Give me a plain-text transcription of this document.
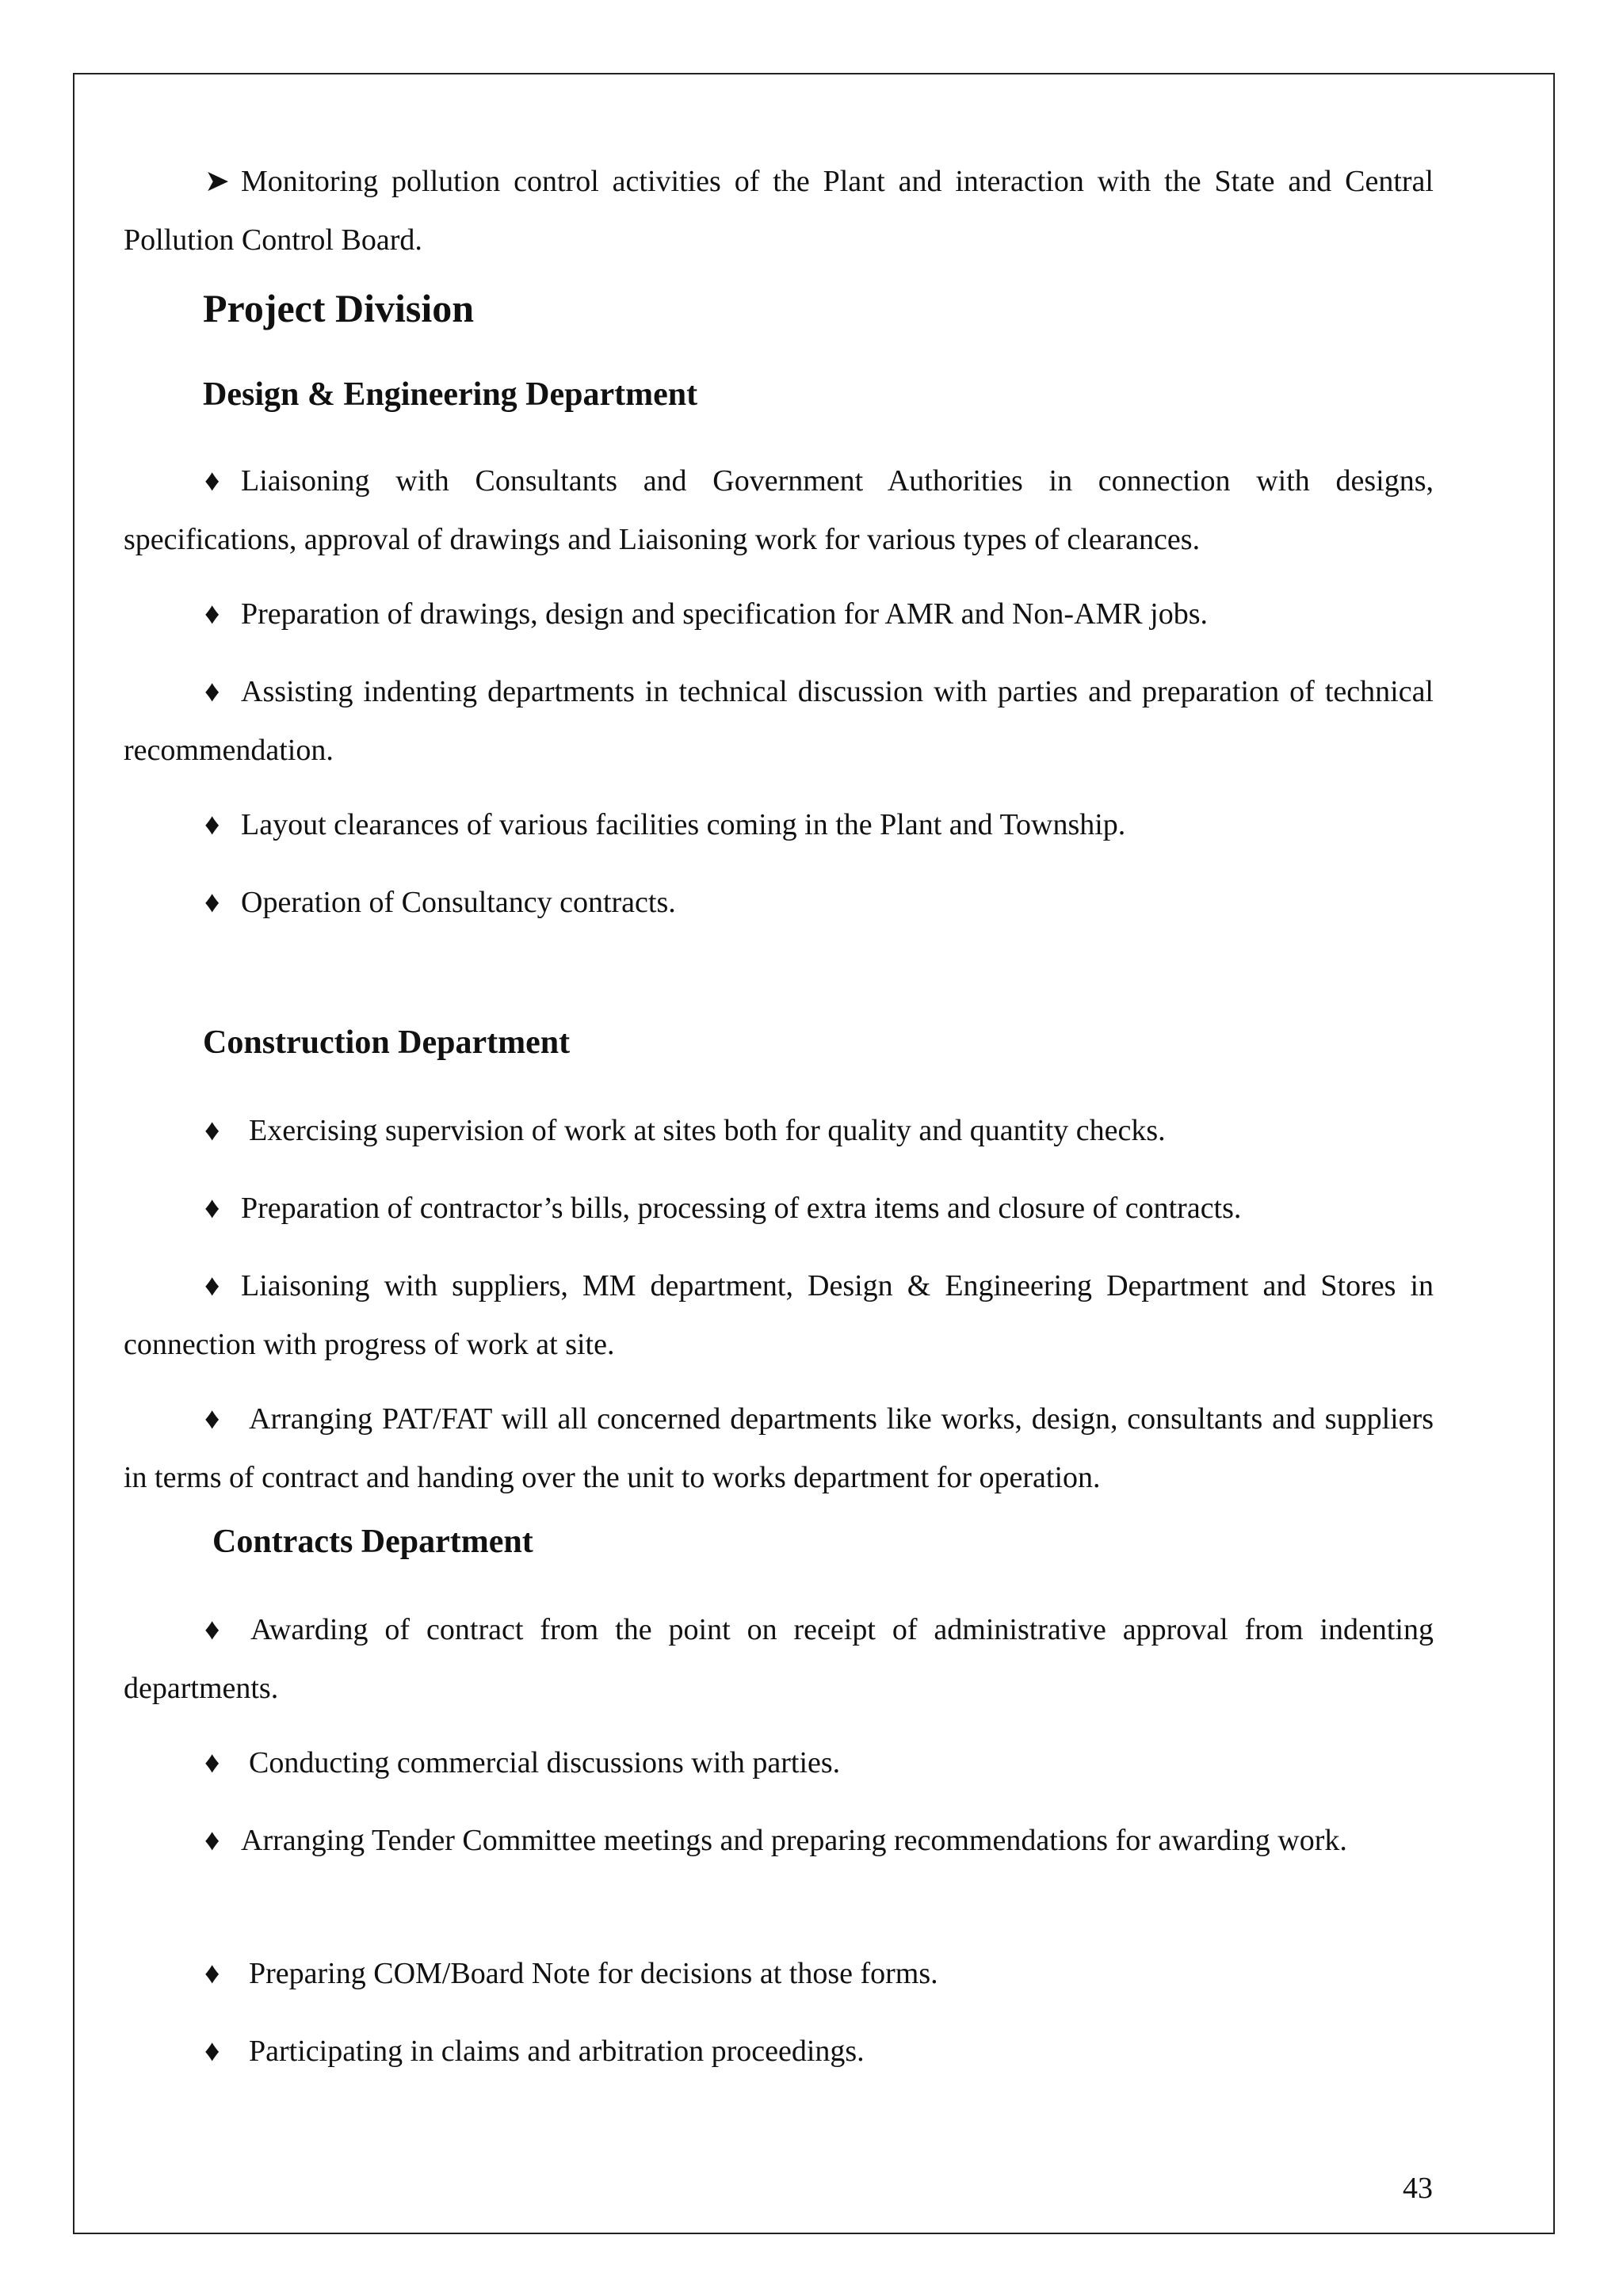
➤ Monitoring pollution control activities of the Plant and interaction with the State and Central Pollution Control Board.
Project Division
Design & Engineering Department
♦ Liaisoning with Consultants and Government Authorities in connection with designs, specifications, approval of drawings and Liaisoning work for various types of clearances.
♦ Preparation of drawings, design and specification for AMR and Non-AMR jobs.
♦ Assisting indenting departments in technical discussion with parties and preparation of technical recommendation.
♦ Layout clearances of various facilities coming in the Plant and Township.
♦ Operation of Consultancy contracts.
Construction Department
♦ Exercising supervision of work at sites both for quality and quantity checks.
♦ Preparation of contractor’s bills, processing of extra items and closure of contracts.
♦ Liaisoning with suppliers, MM department, Design & Engineering Department and Stores in connection with progress of work at site.
♦ Arranging PAT/FAT will all concerned departments like works, design, consultants and suppliers in terms of contract and handing over the unit to works department for operation.
Contracts Department
♦ Awarding of contract from the point on receipt of administrative approval from indenting departments.
♦ Conducting commercial discussions with parties.
♦ Arranging Tender Committee meetings and preparing recommendations for awarding work.
♦ Preparing COM/Board Note for decisions at those forms.
♦ Participating in claims and arbitration proceedings.
43
